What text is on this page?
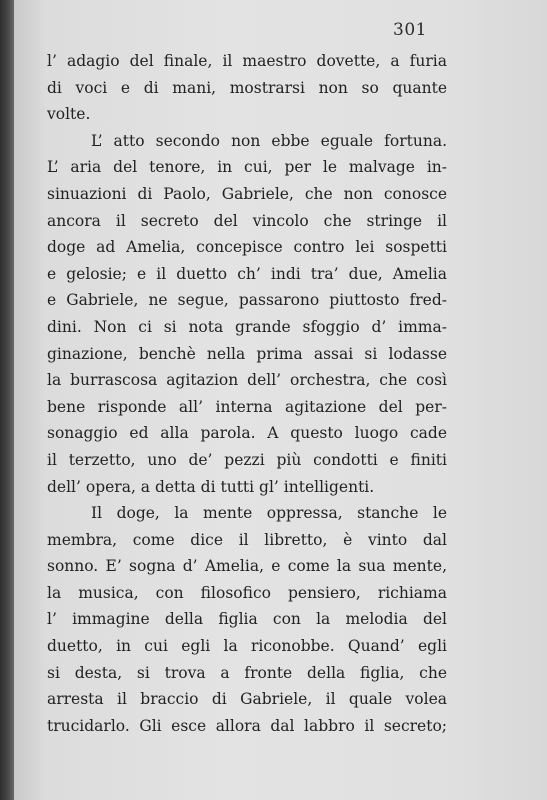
301
l’ adagio del finale, il maestro dovette, a furia
di voci e di mani, mostrarsi non so quante
volte.
L’ atto secondo non ebbe eguale fortuna.
L’ aria del tenore, in cui, per le malvage in-
sinuazioni di Paolo, Gabriele, che non conosce
ancora il secreto del vincolo che stringe il
doge ad Amelia, concepisce contro lei sospetti
e gelosie; e il duetto ch’ indi tra’ due, Amelia
e Gabriele, ne segue, passarono piuttosto fred-
dini. Non ci si nota grande sfoggio d’ imma-
ginazione, benchè nella prima assai si lodasse
la burrascosa agitazion dell’ orchestra, che così
bene risponde all’ interna agitazione del per-
sonaggio ed alla parola. A questo luogo cade
il terzetto, uno de’ pezzi più condotti e finiti
dell’ opera, a detta di tutti gl’ intelligenti.
Il doge, la mente oppressa, stanche le
membra, come dice il libretto, è vinto dal
sonno. E’ sogna d’ Amelia, e come la sua mente,
la musica, con filosofico pensiero, richiama
l’ immagine della figlia con la melodia del
duetto, in cui egli la riconobbe. Quand’ egli
si desta, si trova a fronte della figlia, che
arresta il braccio di Gabriele, il quale volea
trucidarlo. Gli esce allora dal labbro il secreto;
